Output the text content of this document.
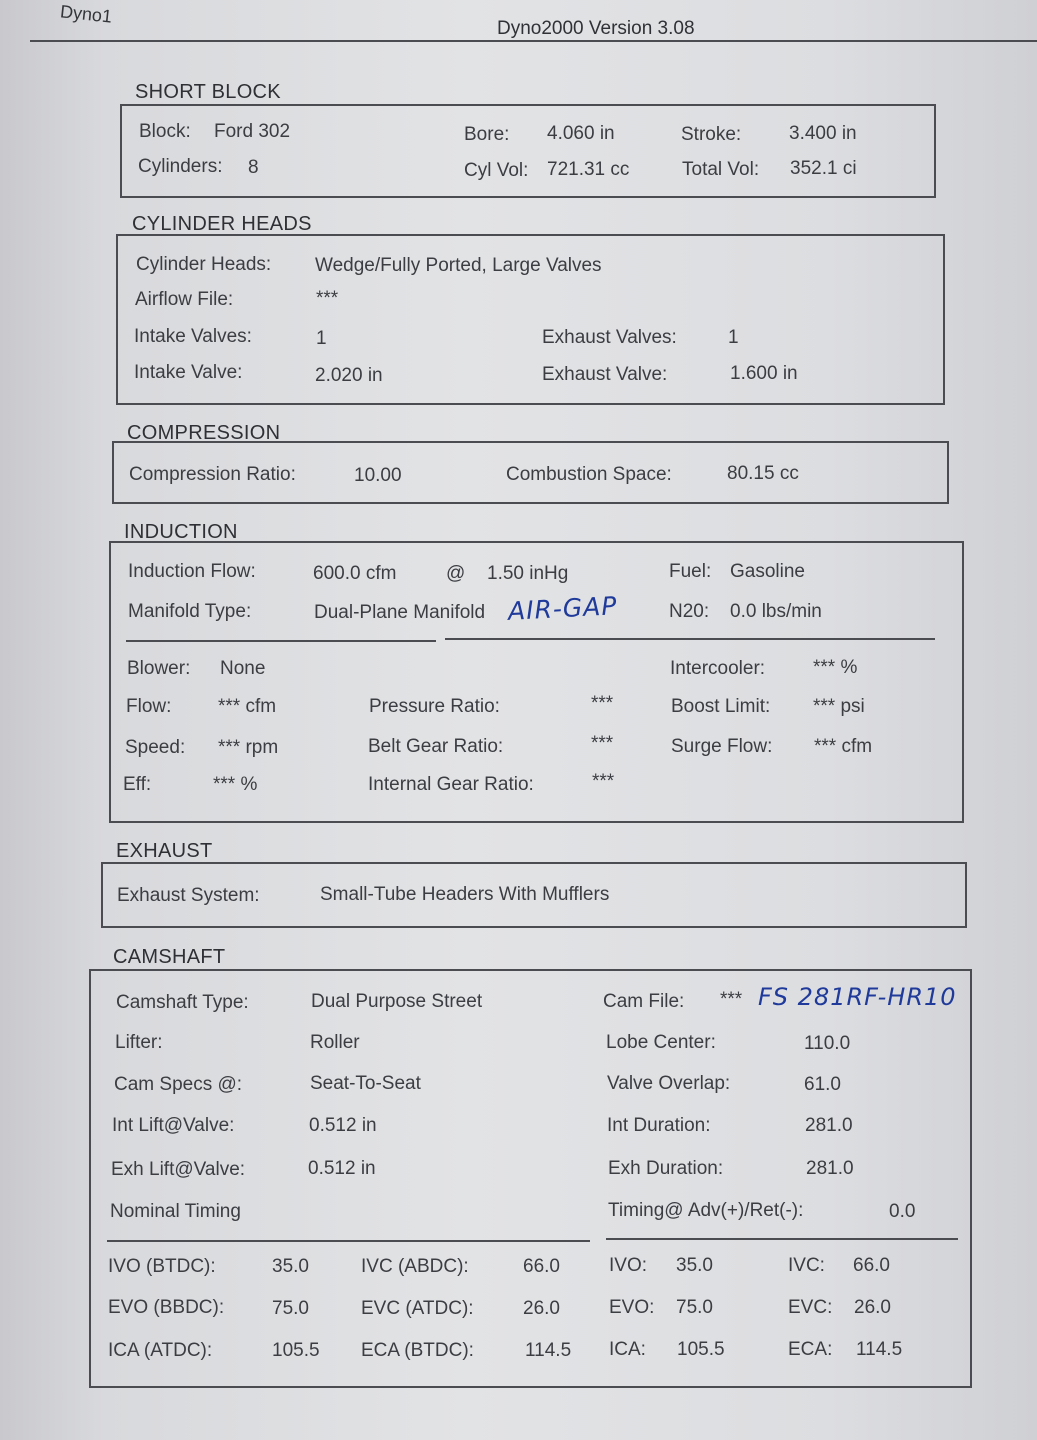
Dyno1
Dyno2000 Version 3.08
SHORT BLOCK
Block: Ford 302	Bore: 4.060 in	Stroke:	3.400 in
Cylinders: 8	Cyl Vol: 721.31 cc	Total Vol: 352.1 ci
CYLINDER HEADS
Cylinder Heads: Wedge/Fully Ported, Large Valves
Airflow File:	***
Intake Valves:	1	Exhaust Valves:	1
Intake Valve:	2.020 in	Exhaust Valve:	1.600 in
COMPRESSION
Compression Ratio:	10.00	Combustion Space:	80.15 cc
INDUCTION
Induction Flow:	600.0 cfm	@ 1.50 inHg	Fuel: Gasoline
Manifold Type:	Dual-Plane Manifold AIR-GAP	N20: 0.0 lbs/min
Blower: None	Intercooler:	*** %
Flow: *** cfm	Pressure Ratio:	***	Boost Limit: *** psi
Speed: *** rpm	Belt Gear Ratio:	***	Surge Flow: *** cfm
Eff:	*** %	Internal Gear Ratio:	***
EXHAUST
Exhaust System:	Small-Tube Headers With Mufflers
CAMSHAFT
Camshaft Type:	Dual Purpose Street	Cam File: *** FS 281RF-HR10
Lifter:	Roller	Lobe Center:	110.0
Cam Specs @:	Seat-To-Seat	Valve Overlap:	61.0
Int Lift@Valve:	0.512 in	Int Duration:	281.0
Exh Lift@Valve:	0.512 in	Exh Duration:	281.0
Nominal Timing	Timing@ Adv(+)/Ret(-):	0.0
IVO (BTDC):	35.0	IVC (ABDC):	66.0	IVO: 35.0	IVC: 66.0
EVO (BBDC):	75.0	EVC (ATDC):	26.0	EVO: 75.0	EVC: 26.0
ICA (ATDC):	105.5 ECA (BTDC):	114.5 ICA: 105.5	ECA: 114.5
